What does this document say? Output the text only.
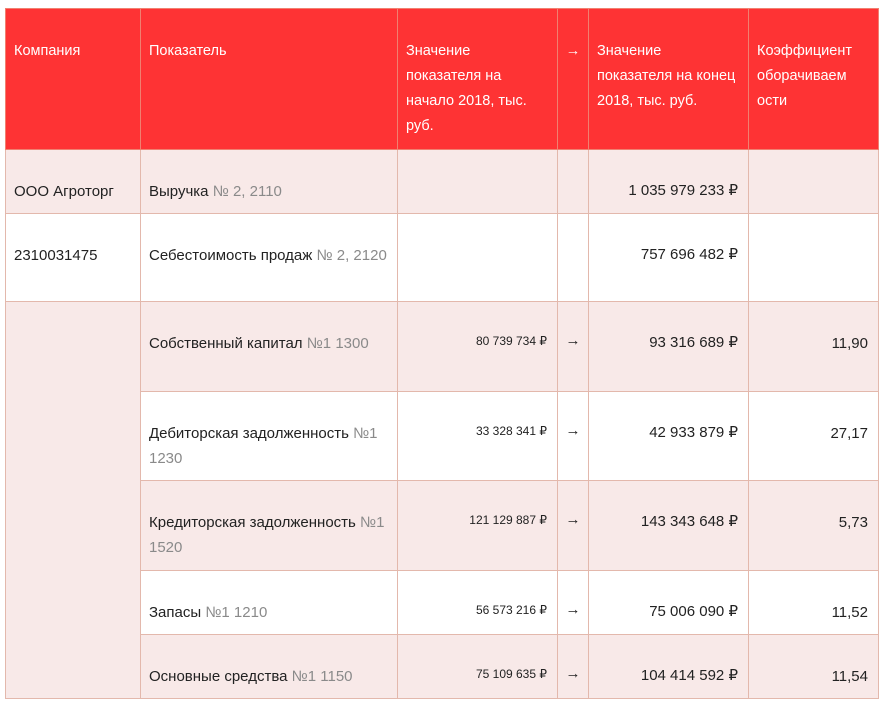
Компания	Показатель	Значение показателя на начало 2018, тыс. руб.	→	Значение показателя на конец 2018, тыс. руб.	Коэффициент оборачиваем ости
ООО Агроторг	Выручка № 2, 2110			1 035 979 233 ₽	
2310031475	Себестоимость продаж № 2, 2120			757 696 482 ₽	
	Собственный капитал №1 1300	80 739 734 ₽	→	93 316 689 ₽	11,90
	Дебиторская задолженность №1 1230	33 328 341 ₽	→	42 933 879 ₽	27,17
	Кредиторская задолженность №1 1520	121 129 887 ₽	→	143 343 648 ₽	5,73
	Запасы №1 1210	56 573 216 ₽	→	75 006 090 ₽	11,52
	Основные средства №1 1150	75 109 635 ₽	→	104 414 592 ₽	11,54
